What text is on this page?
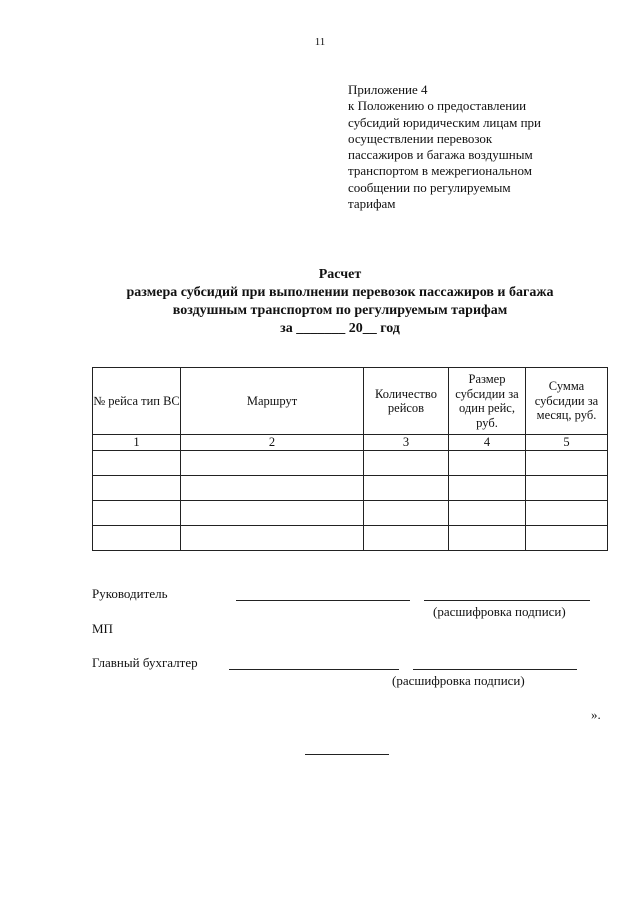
11
Приложение 4
к Положению о предоставлении
субсидий юридическим лицам при
осуществлении перевозок
пассажиров и багажа воздушным
транспортом в межрегиональном
сообщении по регулируемым
тарифам
Расчет
размера субсидий при выполнении перевозок пассажиров и багажа
воздушным транспортом по регулируемым тарифам
за _______ 20__ год
№ рейса тип ВС	Маршрут	Количество рейсов	Размер субсидии за один рейс, руб.	Сумма субсидии за месяц, руб.
1	2	3	4	5

Руководитель
(расшифровка подписи)
МП
Главный бухгалтер
(расшифровка подписи)
».
